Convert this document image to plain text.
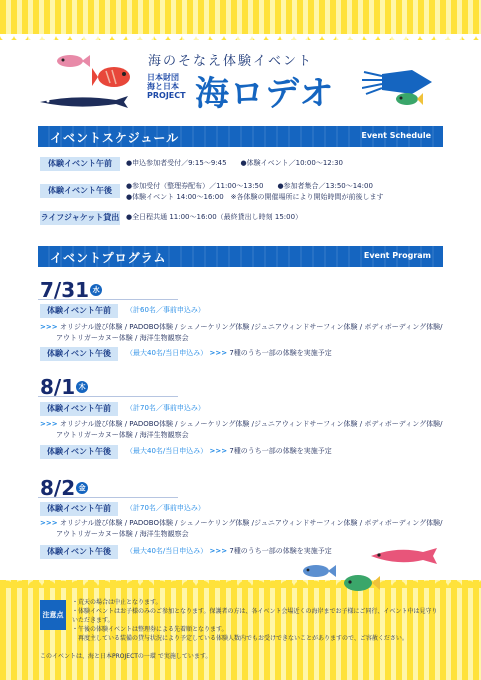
海のそなえ体験イベント
日本財団 海と日本 PROJECT 海ロデオ
イベントスケジュール	Event Schedule
体験イベント午前	●申込参加者受付／9:15〜9:45　　●体験イベント／10:00〜12:30
体験イベント午後	●参加受付（整理券配布）／11:00〜13:50　　●参加者集合／13:50〜14:00
●体験イベント 14:00〜16:00　※各体験の開催場所により開始時間が前後します
ライフジャケット貸出 ●全日程共通 11:00〜16:00（最終貸出し時刻 15:00）
イベントプログラム	Event Program
7/31 水
体験イベント午前	（計60名／事前申込み）
>>> オリジナル遊び体験 / PADOBO体験 / シュノーケリング体験 /ジュニアウィンドサーフィン体験 / ボディボーディング体験/
アウトリガーカヌー体験 / 海洋生物観察会
体験イベント午後	（最大40名/当日申込み） >>> 7種のうち一部の体験を実施予定
8/1 木
体験イベント午前	（計70名／事前申込み）
>>> オリジナル遊び体験 / PADOBO体験 / シュノーケリング体験 /ジュニアウィンドサーフィン体験 / ボディボーディング体験/
アウトリガーカヌー体験 / 海洋生物観察会
体験イベント午後	（最大40名/当日申込み） >>> 7種のうち一部の体験を実施予定
8/2 金
体験イベント午前	（計70名／事前申込み）
>>> オリジナル遊び体験 / PADOBO体験 / シュノーケリング体験 /ジュニアウィンドサーフィン体験 / ボディボーディング体験/
アウトリガーカヌー体験 / 海洋生物観察会
体験イベント午後	（最大40名/当日申込み） >>> 7種のうち一部の体験を実施予定
注意点
・荒天の場合は中止となります。
・体験イベントはお子様のみのご参加となります。保護者の方は、各イベント会場近くの海岸までお子様にご同行、イベント中は見守りいただきます。
・午後の体験イベントは整理券による先着順となります。
　再度主している装備の貸与状況により予定している体験人数内でもお受けできないことがありますので、ご容赦ください。
このイベントは、海と日本PROJECTの一環 で実施しています。
